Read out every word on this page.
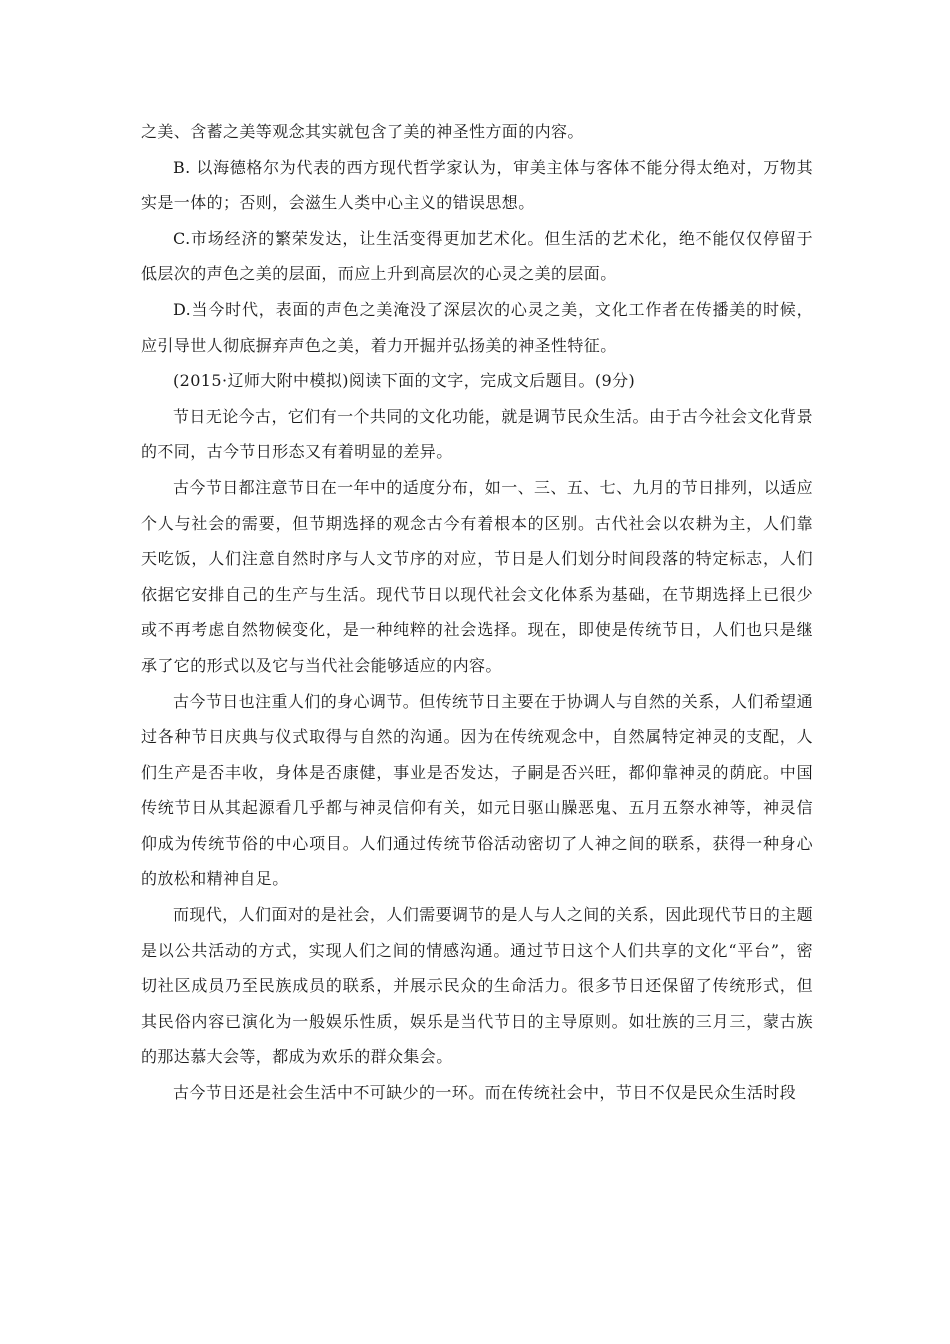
之美、含蓄之美等观念其实就包含了美的神圣性方面的内容。

B. 以海德格尔为代表的西方现代哲学家认为，审美主体与客体不能分得太绝对，万物其实是一体的；否则，会滋生人类中心主义的错误思想。

C.市场经济的繁荣发达，让生活变得更加艺术化。但生活的艺术化，绝不能仅仅停留于低层次的声色之美的层面，而应上升到高层次的心灵之美的层面。

D.当今时代，表面的声色之美淹没了深层次的心灵之美，文化工作者在传播美的时候，应引导世人彻底摒弃声色之美，着力开掘并弘扬美的神圣性特征。

(2015·辽师大附中模拟)阅读下面的文字，完成文后题目。(9分)

节日无论今古，它们有一个共同的文化功能，就是调节民众生活。由于古今社会文化背景的不同，古今节日形态又有着明显的差异。

古今节日都注意节日在一年中的适度分布，如一、三、五、七、九月的节日排列，以适应个人与社会的需要，但节期选择的观念古今有着根本的区别。古代社会以农耕为主，人们靠天吃饭，人们注意自然时序与人文节序的对应，节日是人们划分时间段落的特定标志，人们依据它安排自己的生产与生活。现代节日以现代社会文化体系为基础，在节期选择上已很少或不再考虑自然物候变化，是一种纯粹的社会选择。现在，即使是传统节日，人们也只是继承了它的形式以及它与当代社会能够适应的内容。

古今节日也注重人们的身心调节。但传统节日主要在于协调人与自然的关系，人们希望通过各种节日庆典与仪式取得与自然的沟通。因为在传统观念中，自然属特定神灵的支配，人们生产是否丰收，身体是否康健，事业是否发达，子嗣是否兴旺，都仰靠神灵的荫庇。中国传统节日从其起源看几乎都与神灵信仰有关，如元日驱山臊恶鬼、五月五祭水神等，神灵信仰成为传统节俗的中心项目。人们通过传统节俗活动密切了人神之间的联系，获得一种身心的放松和精神自足。

而现代，人们面对的是社会，人们需要调节的是人与人之间的关系，因此现代节日的主题是以公共活动的方式，实现人们之间的情感沟通。通过节日这个人们共享的文化“平台”，密切社区成员乃至民族成员的联系，并展示民众的生命活力。很多节日还保留了传统形式，但其民俗内容已演化为一般娱乐性质，娱乐是当代节日的主导原则。如壮族的三月三，蒙古族的那达慕大会等，都成为欢乐的群众集会。

古今节日还是社会生活中不可缺少的一环。而在传统社会中，节日不仅是民众生活时段
